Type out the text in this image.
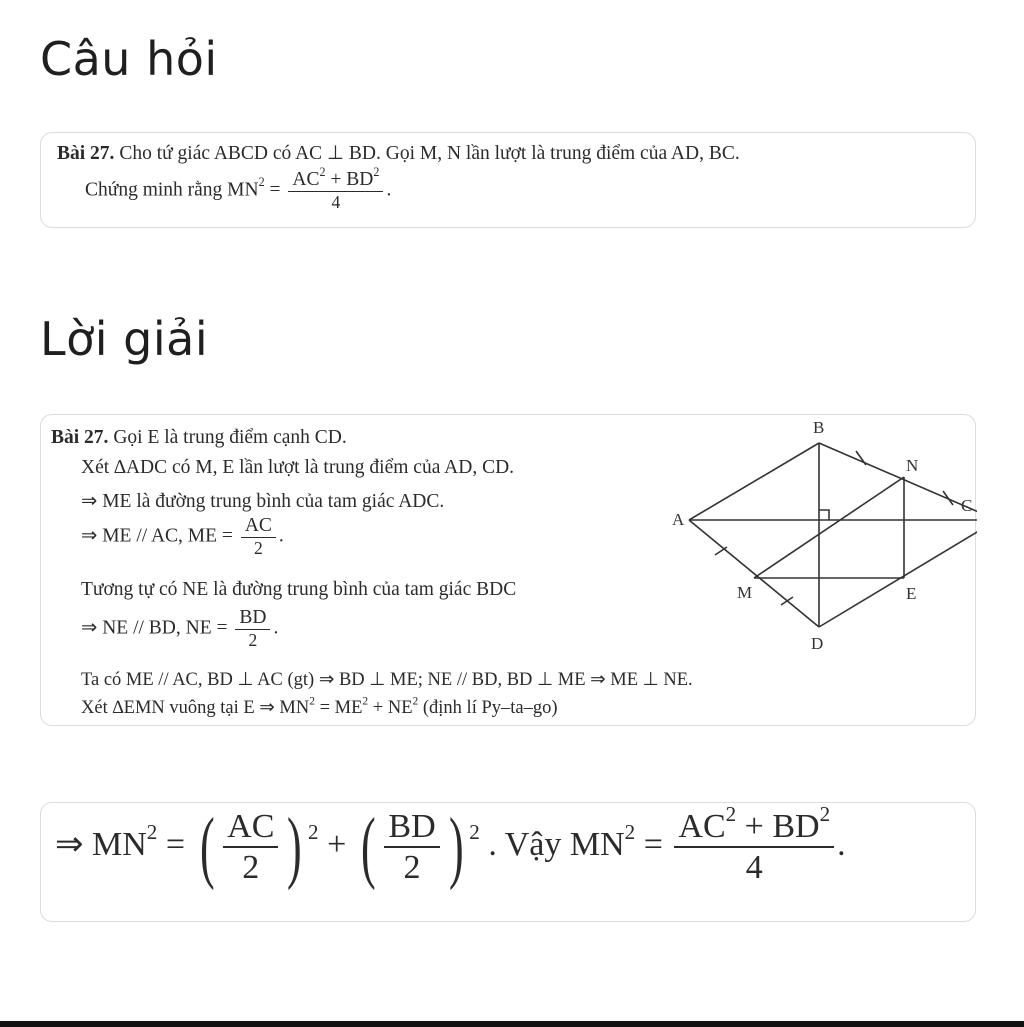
Câu hỏi
Bài 27. Cho tứ giác ABCD có AC ⊥ BD. Gọi M, N lần lượt là trung điểm của AD, BC.
Chứng minh rằng $MN^2 = \frac{AC^2 + BD^2}{4}$ .
Lời giải
Bài 27. Gọi E là trung điểm cạnh CD.
Xét ∆ADC có M, E lần lượt là trung điểm của AD, CD.
⇒ ME là đường trung bình của tam giác ADC.
⇒ ME // AC, ME = $\frac{AC}{2}$ .
Tương tự có NE là đường trung bình của tam giác BDC
⇒ NE // BD, NE = $\frac{BD}{2}$ .
Ta có ME // AC, BD ⊥ AC (gt) ⇒ BD ⊥ ME; NE // BD, BD ⊥ ME ⇒ ME ⊥ NE.
Xét ∆EMN vuông tại E ⇒ $MN^2 = ME^2 + NE^2$ (định lí Py–ta–go)
A
B
C
D
M
N
E
⇒ $MN^2$ = ( $\frac{AC}{2}$ ) $^2$ + ( $\frac{BD}{2}$ ) $^2$ . Vậy $MN^2 = \frac{AC^2 + BD^2}{4}$ .
